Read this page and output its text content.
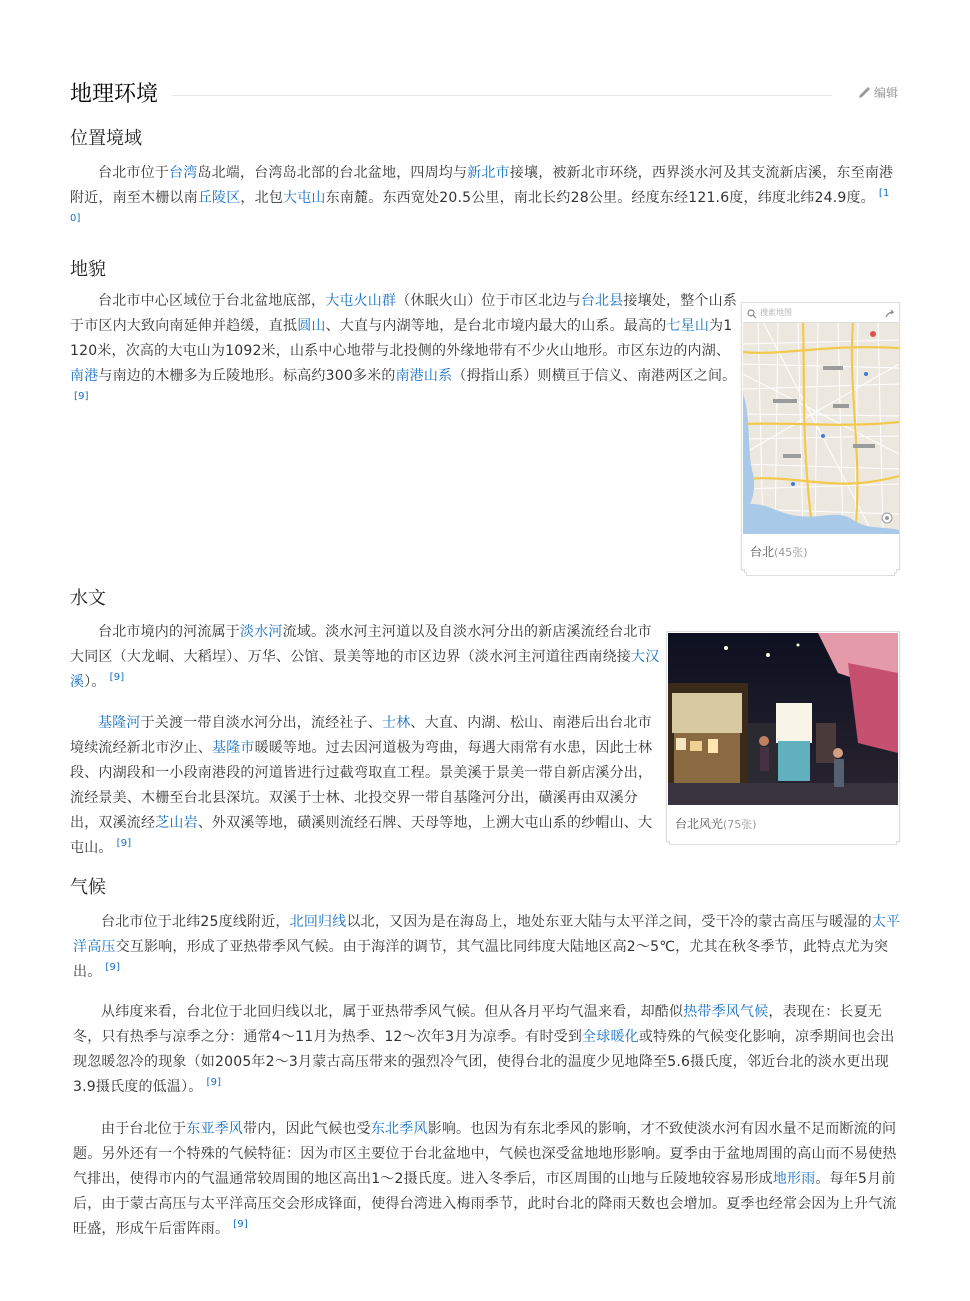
地理环境	编辑
位置境域

台北市位于台湾岛北端，台湾岛北部的台北盆地，四周均与新北市接壤，被新北市环绕，西界淡水河及其支流新店溪，东至南港附近，南至木栅以南丘陵区，北包大屯山东南麓。东西宽处20.5公里，南北长约28公里。经度东经121.6度，纬度北纬24.9度。 [10]

地貌

台北市中心区域位于台北盆地底部，大屯火山群（休眠火山）位于市区北边与台北县接壤处，整个山系于市区内大致向南延伸并趋缓，直抵圆山、大直与内湖等地，是台北市境内最大的山系。最高的七星山为1120米，次高的大屯山为1092米，山系中心地带与北投侧的外缘地带有不少火山地形。市区东边的内湖、南港与南边的木栅多为丘陵地形。标高约300多米的南港山系（拇指山系）则横亘于信义、南港两区之间。[9]

搜索地图
台北(45张)
水文

台北市境内的河流属于淡水河流域。淡水河主河道以及自淡水河分出的新店溪流经台北市大同区（大龙峒、大稻埕）、万华、公馆、景美等地的市区边界（淡水河主河道往西南绕接大汉溪）。 [9]

基隆河于关渡一带自淡水河分出，流经社子、士林、大直、内湖、松山、南港后出台北市境续流经新北市汐止、基隆市暖暖等地。过去因河道极为弯曲，每遇大雨常有水患，因此士林段、内湖段和一小段南港段的河道皆进行过截弯取直工程。景美溪于景美一带自新店溪分出，流经景美、木栅至台北县深坑。双溪于士林、北投交界一带自基隆河分出，磺溪再由双溪分出，双溪流经芝山岩、外双溪等地，磺溪则流经石牌、天母等地，上溯大屯山系的纱帽山、大屯山。 [9]

台北风光(75张)
气候

台北市位于北纬25度线附近，北回归线以北，又因为是在海岛上，地处东亚大陆与太平洋之间，受干冷的蒙古高压与暖湿的太平洋高压交互影响，形成了亚热带季风气候。由于海洋的调节，其气温比同纬度大陆地区高2～5℃，尤其在秋冬季节，此特点尤为突出。 [9]

从纬度来看，台北位于北回归线以北，属于亚热带季风气候。但从各月平均气温来看，却酷似热带季风气候，表现在：长夏无冬，只有热季与凉季之分：通常4～11月为热季、12～次年3月为凉季。有时受到全球暖化或特殊的气候变化影响，凉季期间也会出现忽暖忽冷的现象（如2005年2～3月蒙古高压带来的强烈冷气团，使得台北的温度少见地降至5.6摄氏度，邻近台北的淡水更出现3.9摄氏度的低温）。 [9]

由于台北位于东亚季风带内，因此气候也受东北季风影响。也因为有东北季风的影响，才不致使淡水河有因水量不足而断流的问题。另外还有一个特殊的气候特征：因为市区主要位于台北盆地中，气候也深受盆地地形影响。夏季由于盆地周围的高山而不易使热气排出，使得市内的气温通常较周围的地区高出1～2摄氏度。进入冬季后，市区周围的山地与丘陵地较容易形成地形雨。每年5月前后，由于蒙古高压与太平洋高压交会形成锋面，使得台湾进入梅雨季节，此时台北的降雨天数也会增加。夏季也经常会因为上升气流旺盛，形成午后雷阵雨。 [9]
